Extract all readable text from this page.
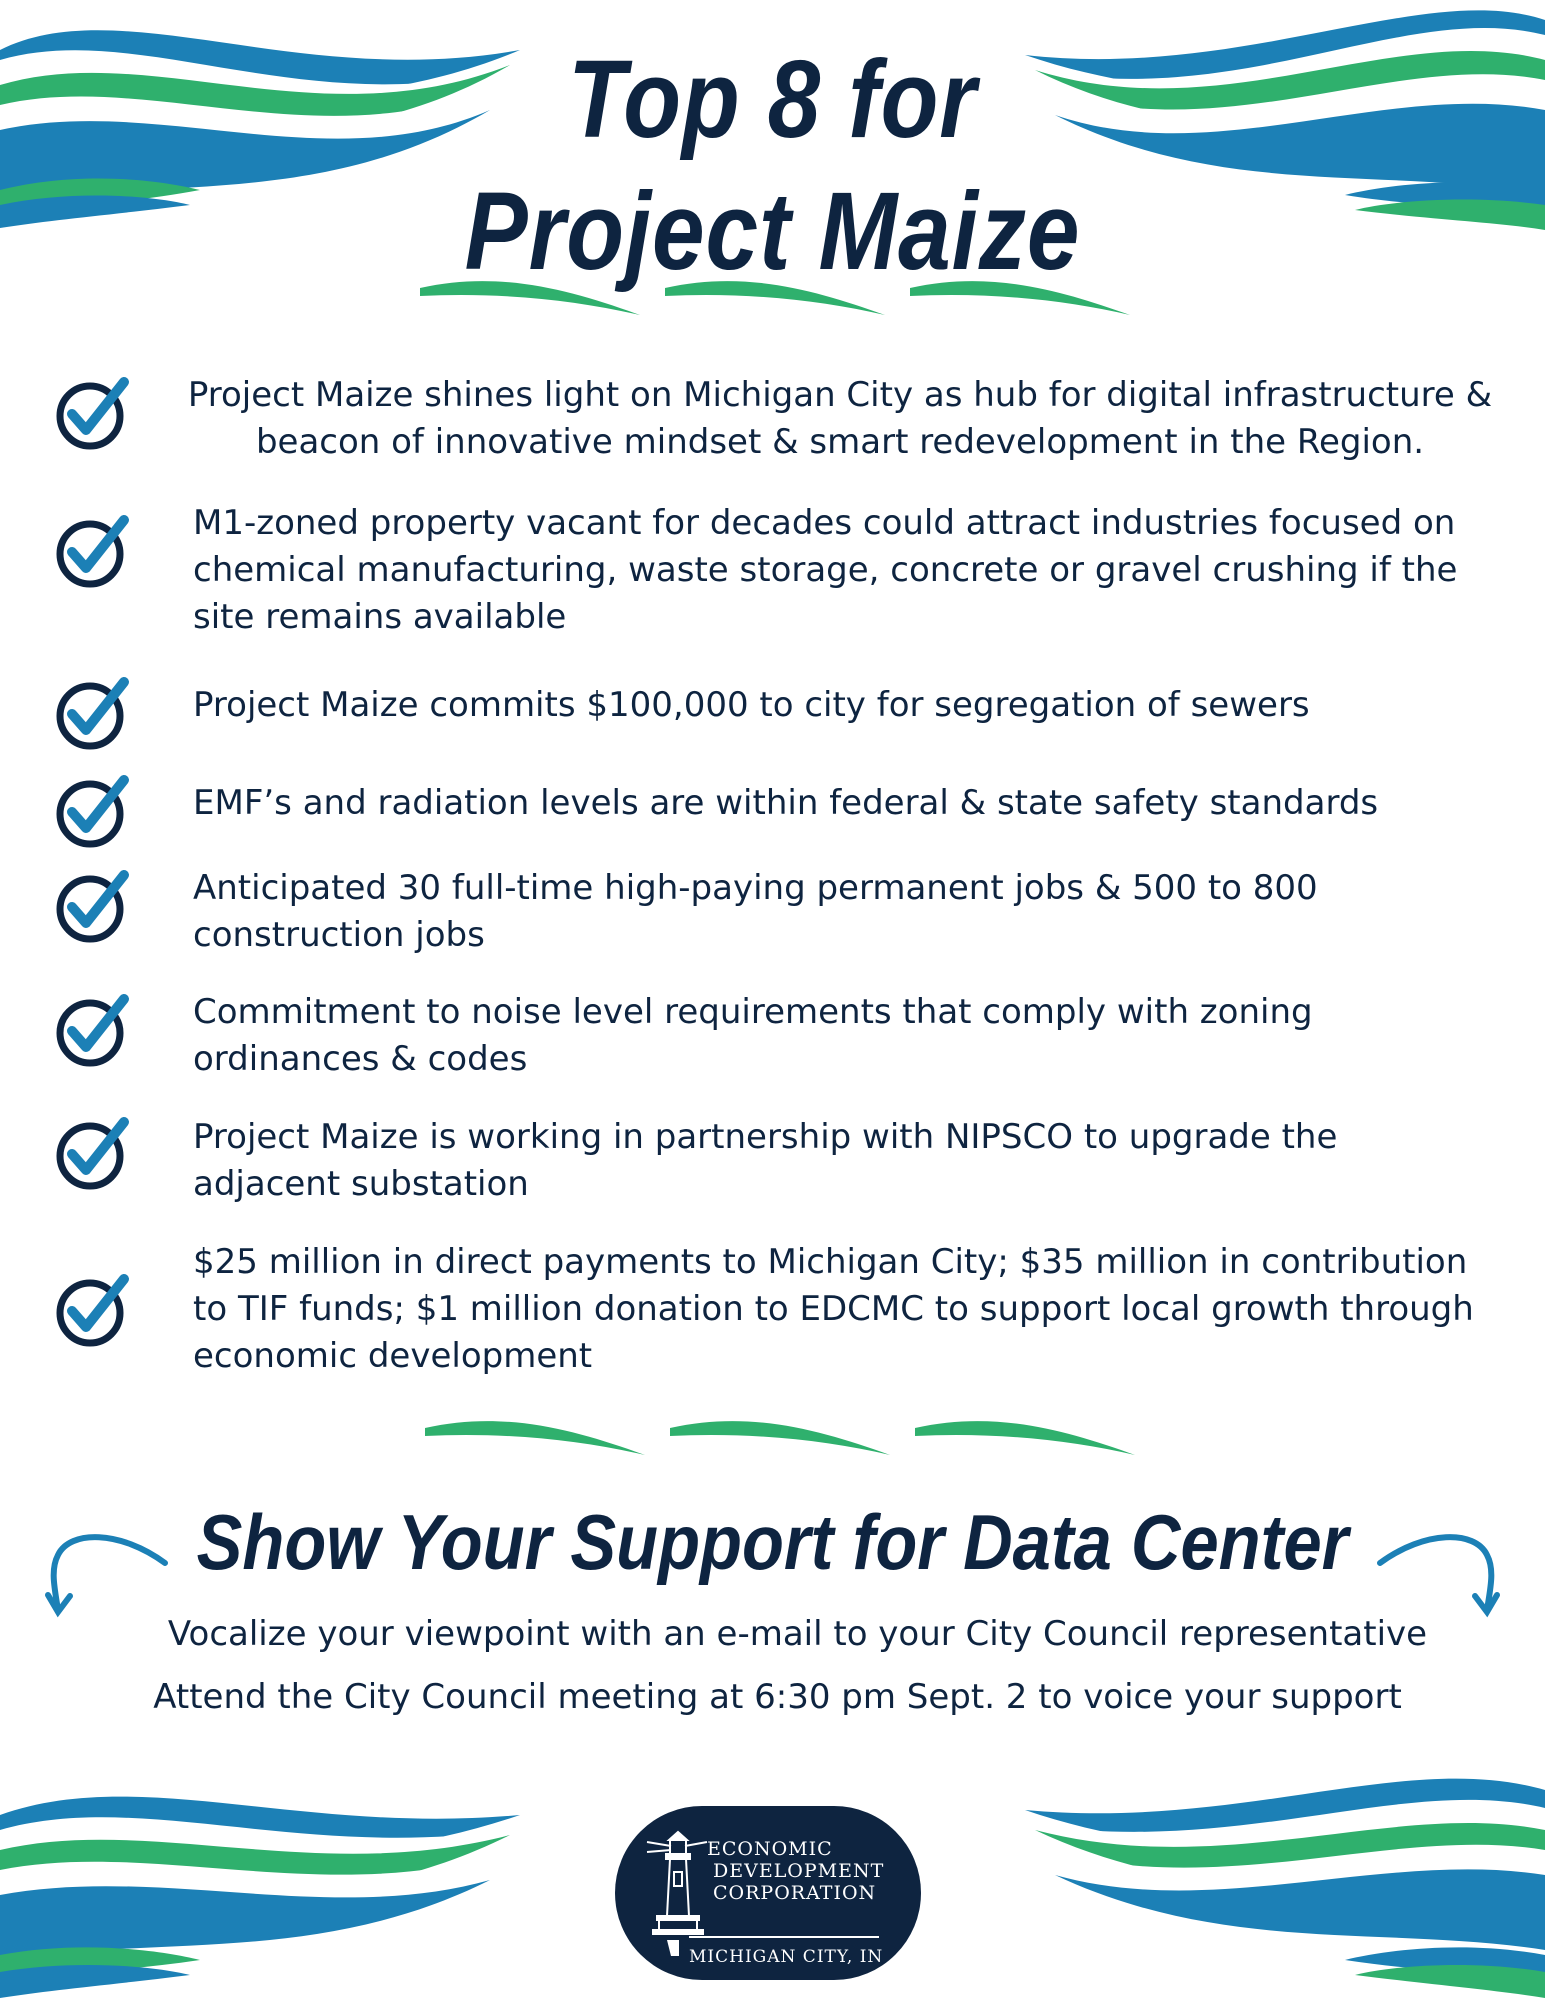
Top 8 for
Project Maize
Project Maize shines light on Michigan City as hub for digital infrastructure & beacon of innovative mindset & smart redevelopment in the Region.
M1-zoned property vacant for decades could attract industries focused on chemical manufacturing, waste storage, concrete or gravel crushing if the site remains available
Project Maize commits $100,000 to city for segregation of sewers
EMF’s and radiation levels are within federal & state safety standards
Anticipated 30 full-time high-paying permanent jobs & 500 to 800 construction jobs
Commitment to noise level requirements that comply with zoning ordinances & codes
Project Maize is working in partnership with NIPSCO to upgrade the adjacent substation
$25 million in direct payments to Michigan City; $35 million in contribution to TIF funds; $1 million donation to EDCMC to support local growth through economic development
Show Your Support for Data Center
Vocalize your viewpoint with an e-mail to your City Council representative
Attend the City Council meeting at 6:30 pm Sept. 2 to voice your support
ECONOMIC
DEVELOPMENT
CORPORATION
MICHIGAN CITY, IN
